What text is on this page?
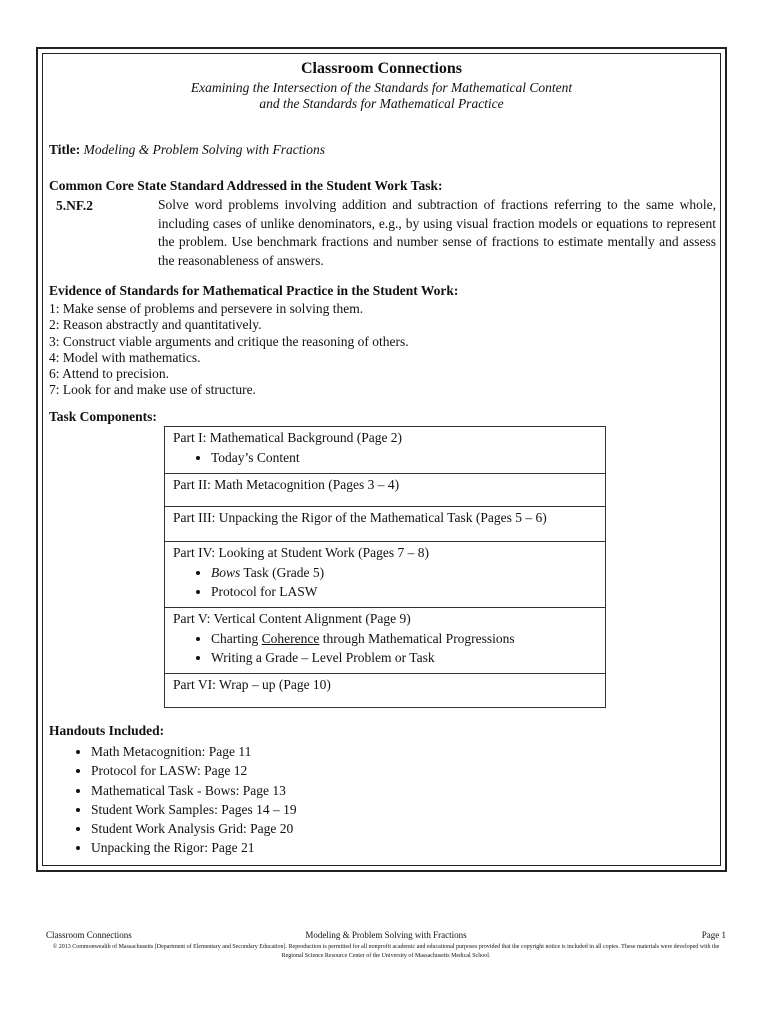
Classroom Connections
Examining the Intersection of the Standards for Mathematical Content
and the Standards for Mathematical Practice
Title: Modeling & Problem Solving with Fractions
Common Core State Standard Addressed in the Student Work Task:
5.NF.2	Solve word problems involving addition and subtraction of fractions referring to the same whole, including cases of unlike denominators, e.g., by using visual fraction models or equations to represent the problem. Use benchmark fractions and number sense of fractions to estimate mentally and assess the reasonableness of answers.
Evidence of Standards for Mathematical Practice in the Student Work:
1: Make sense of problems and persevere in solving them.
2: Reason abstractly and quantitatively.
3: Construct viable arguments and critique the reasoning of others.
4: Model with mathematics.
6: Attend to precision.
7: Look for and make use of structure.
Task Components:
Part I: Mathematical Background (Page 2)
• Today’s Content
Part II: Math Metacognition (Pages 3 – 4)
Part III: Unpacking the Rigor of the Mathematical Task (Pages 5 – 6)
Part IV: Looking at Student Work (Pages 7 – 8)
• Bows Task (Grade 5)
• Protocol for LASW
Part V: Vertical Content Alignment (Page 9)
• Charting Coherence through Mathematical Progressions
• Writing a Grade – Level Problem or Task
Part VI: Wrap – up (Page 10)
Handouts Included:
• Math Metacognition: Page 11
• Protocol for LASW: Page 12
• Mathematical Task - Bows: Page 13
• Student Work Samples: Pages 14 – 19
• Student Work Analysis Grid: Page 20
• Unpacking the Rigor: Page 21
Classroom Connections	Modeling & Problem Solving with Fractions	Page 1
© 2013 Commonwealth of Massachusetts [Department of Elementary and Secondary Education]. Reproduction is permitted for all nonprofit academic and educational purposes provided that the copyright notice is included in all copies. These materials were developed with the Regional Science Resource Center of the University of Massachusetts Medical School.
